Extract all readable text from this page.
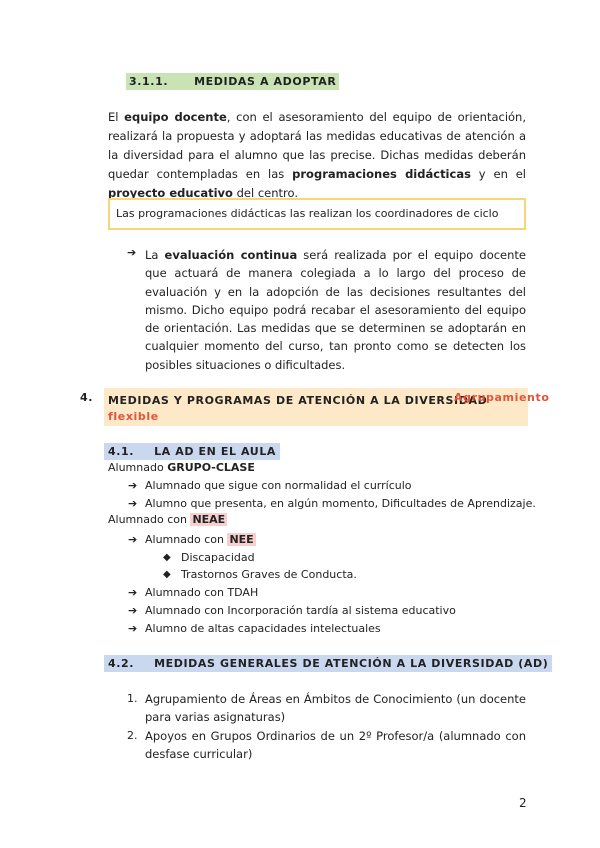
3.1.1. MEDIDAS A ADOPTAR
El equipo docente, con el asesoramiento del equipo de orientación, realizará la propuesta y adoptará las medidas educativas de atención a la diversidad para el alumno que las precise. Dichas medidas deberán quedar contempladas en las programaciones didácticas y en el proyecto educativo del centro.
Las programaciones didácticas las realizan los coordinadores de ciclo
➔ La evaluación continua será realizada por el equipo docente que actuará de manera colegiada a lo largo del proceso de evaluación y en la adopción de las decisiones resultantes del mismo. Dicho equipo podrá recabar el asesoramiento del equipo de orientación. Las medidas que se determinen se adoptarán en cualquier momento del curso, tan pronto como se detecten los posibles situaciones o dificultades.
4. MEDIDAS Y PROGRAMAS DE ATENCIÓN A LA DIVERSIDAD
Agrupamiento
flexible
4.1. LA AD EN EL AULA
Alumnado GRUPO-CLASE
➔ Alumnado que sigue con normalidad el currículo
➔ Alumno que presenta, en algún momento, Dificultades de Aprendizaje.
Alumnado con NEAE
➔ Alumnado con NEE
◆ Discapacidad
◆ Trastornos Graves de Conducta.
➔ Alumnado con TDAH
➔ Alumnado con Incorporación tardía al sistema educativo
➔ Alumno de altas capacidades intelectuales
4.2. MEDIDAS GENERALES DE ATENCIÓN A LA DIVERSIDAD (AD)
1. Agrupamiento de Áreas en Ámbitos de Conocimiento (un docente para varias asignaturas)
2. Apoyos en Grupos Ordinarios de un 2º Profesor/a (alumnado con desfase curricular)
2
